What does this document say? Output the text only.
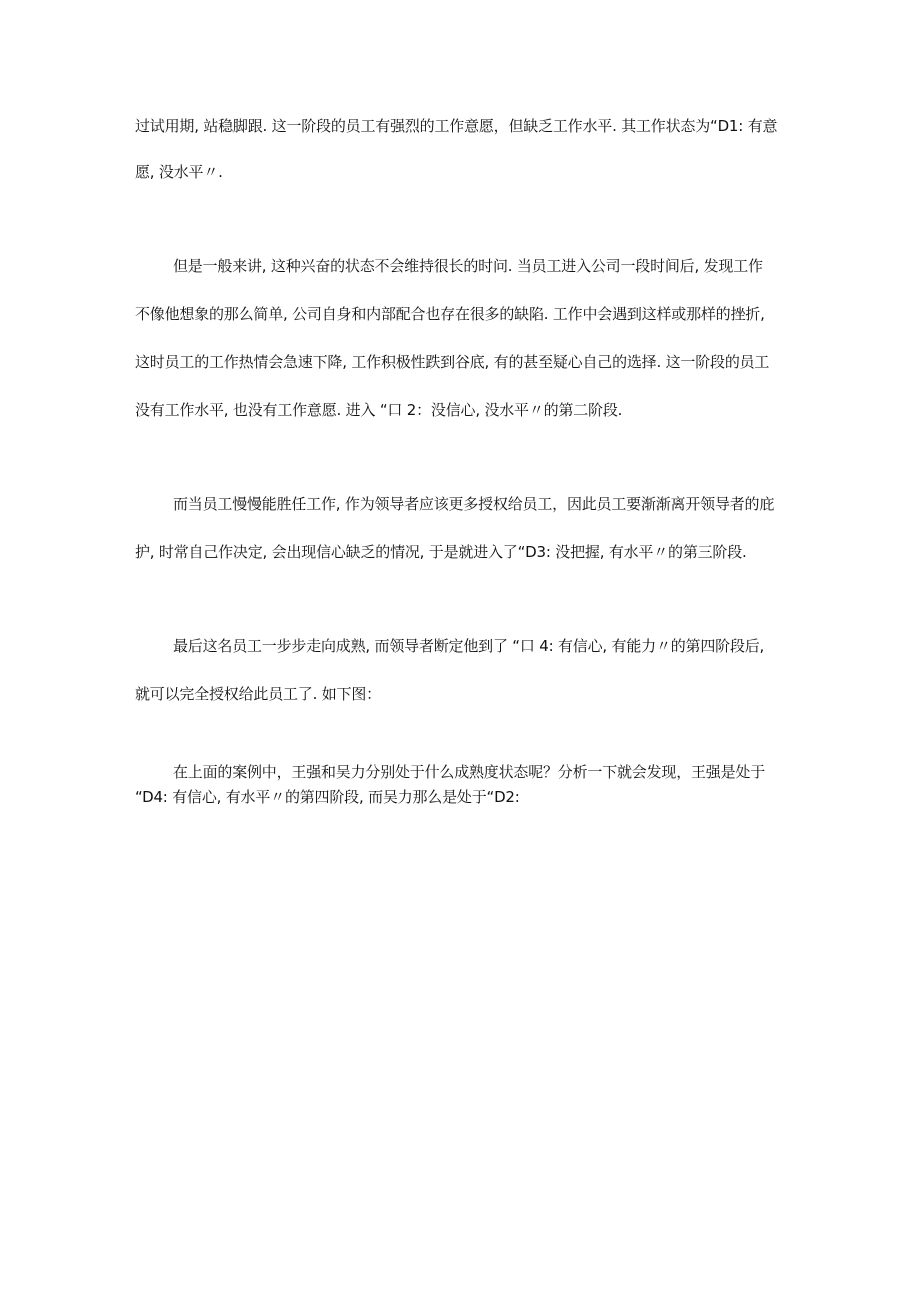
过试用期, 站稳脚跟. 这一阶段的员工有强烈的工作意愿，但缺乏工作水平. 其工作状态为“D1: 有意
愿, 没水平〃.
但是一般来讲, 这种兴奋的状态不会维持很长的时问. 当员工进入公司一段时间后, 发现工作
不像他想象的那么简单, 公司自身和内部配合也存在很多的缺陷. 工作中会遇到这样或那样的挫折,
这时员工的工作热情会急速下降, 工作积极性跌到谷底, 有的甚至疑心自己的选择. 这一阶段的员工
没有工作水平, 也没有工作意愿. 进入 “口 2：没信心, 没水平〃的第二阶段.
而当员工慢慢能胜任工作, 作为领导者应该更多授权给员工，因此员工要渐渐离开领导者的庇
护, 时常自己作决定, 会出现信心缺乏的情况, 于是就进入了“D3: 没把握, 有水平〃的第三阶段.
最后这名员工一步步走向成熟, 而领导者断定他到了 “口 4: 有信心, 有能力〃的第四阶段后,
就可以完全授权给此员工了. 如下图：
在上面的案例中，王强和吴力分别处于什么成熟度状态呢？分析一下就会发现，王强是处于
“D4: 有信心, 有水平〃的第四阶段, 而吴力那么是处于“D2:
